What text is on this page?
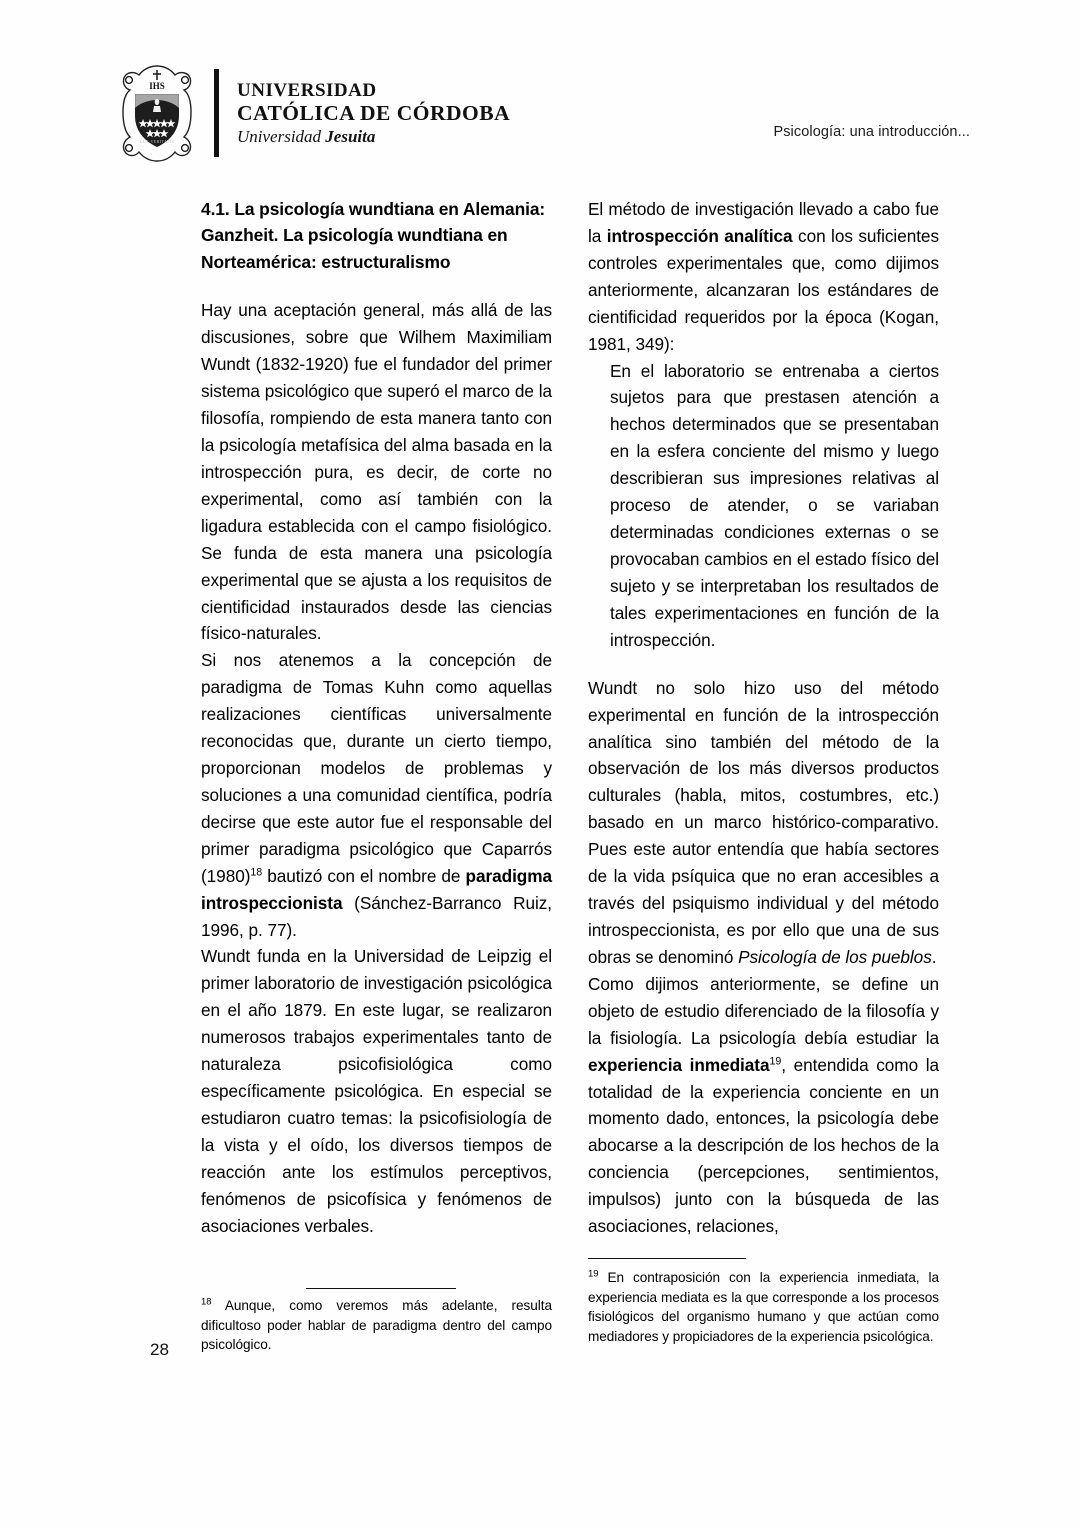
IHS
LUX VERITATIS
UNIVERSIDAD
CATÓLICA DE CÓRDOBA
Universidad Jesuita	Psicología: una introducción...
4.1. La psicología wundtiana en Alemania: Ganzheit. La psicología wundtiana en Norteamérica: estructuralismo

Hay una aceptación general, más allá de las discusiones, sobre que Wilhem Maximiliam Wundt (1832-1920) fue el fundador del primer sistema psicológico que superó el marco de la filosofía, rompiendo de esta manera tanto con la psicología metafísica del alma basada en la introspección pura, es decir, de corte no experimental, como así también con la ligadura establecida con el campo fisiológico. Se funda de esta manera una psicología experimental que se ajusta a los requisitos de cientificidad instaurados desde las ciencias físico-naturales.

Si nos atenemos a la concepción de paradigma de Tomas Kuhn como aquellas realizaciones científicas universalmente reconocidas que, durante un cierto tiempo, proporcionan modelos de problemas y soluciones a una comunidad científica, podría decirse que este autor fue el responsable del primer paradigma psicológico que Caparrós (1980)$^{18}$ bautizó con el nombre de paradigma introspeccionista (Sánchez-Barranco Ruiz, 1996, p. 77).

Wundt funda en la Universidad de Leipzig el primer laboratorio de investigación psicológica en el año 1879. En este lugar, se realizaron numerosos trabajos experimentales tanto de naturaleza psicofisiológica como específicamente psicológica. En especial se estudiaron cuatro temas: la psicofisiología de la vista y el oído, los diversos tiempos de reacción ante los estímulos perceptivos, fenómenos de psicofísica y fenómenos de asociaciones verbales.

El método de investigación llevado a cabo fue la introspección analítica con los suficientes controles experimentales que, como dijimos anteriormente, alcanzaran los estándares de cientificidad requeridos por la época (Kogan, 1981, 349):

En el laboratorio se entrenaba a ciertos sujetos para que prestasen atención a hechos determinados que se presentaban en la esfera conciente del mismo y luego describieran sus impresiones relativas al proceso de atender, o se variaban determinadas condiciones externas o se provocaban cambios en el estado físico del sujeto y se interpretaban los resultados de tales experimentaciones en función de la introspección.

Wundt no solo hizo uso del método experimental en función de la introspección analítica sino también del método de la observación de los más diversos productos culturales (habla, mitos, costumbres, etc.) basado en un marco histórico-comparativo. Pues este autor entendía que había sectores de la vida psíquica que no eran accesibles a través del psiquismo individual y del método introspeccionista, es por ello que una de sus obras se denominó Psicología de los pueblos.

Como dijimos anteriormente, se define un objeto de estudio diferenciado de la filosofía y la fisiología. La psicología debía estudiar la experiencia inmediata$^{19}$, entendida como la totalidad de la experiencia conciente en un momento dado, entonces, la psicología debe abocarse a la descripción de los hechos de la conciencia (percepciones, sentimientos, impulsos) junto con la búsqueda de las asociaciones, relaciones,

$^{18}$ Aunque, como veremos más adelante, resulta dificultoso poder hablar de paradigma dentro del campo psicológico.

$^{19}$ En contraposición con la experiencia inmediata, la experiencia mediata es la que corresponde a los procesos fisiológicos del organismo humano y que actúan como mediadores y propiciadores de la experiencia psicológica.

28
